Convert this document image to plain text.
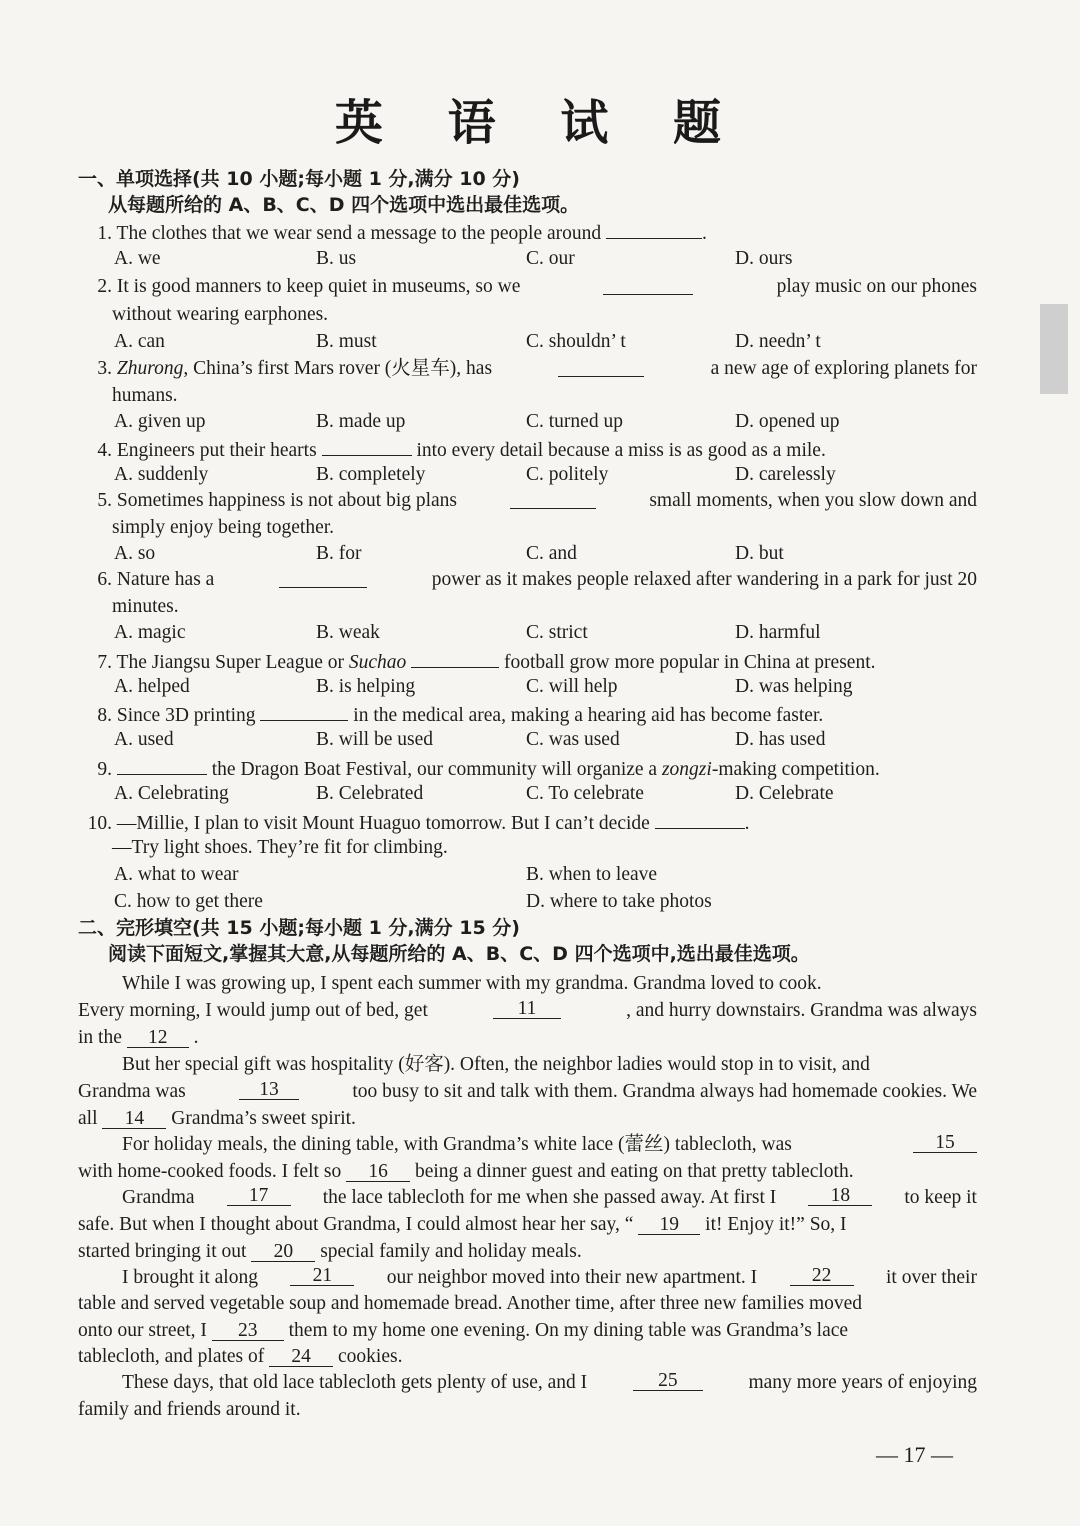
英 语 试 题
一、单项选择(共 10 小题;每小题 1 分,满分 10 分)
从每题所给的 A、B、C、D 四个选项中选出最佳选项。
1. The clothes that we wear send a message to the people around	.
A. we	B. us	C. our	D. ours
2. It is good manners to keep quiet in museums, so we	play music on our phones
without wearing earphones.
A. can	B. must	C. shouldn’ t	D. needn’ t
3. Zhurong, China’s first Mars rover (火星车), has	a new age of exploring planets for
humans.
A. given up	B. made up	C. turned up	D. opened up
4. Engineers put their hearts	into every detail because a miss is as good as a mile.
A. suddenly	B. completely	C. politely	D. carelessly
5. Sometimes happiness is not about big plans	small moments, when you slow down and
simply enjoy being together.
A. so	B. for	C. and	D. but
6. Nature has a	power as it makes people relaxed after wandering in a park for just 20
minutes.
A. magic	B. weak	C. strict	D. harmful
7. The Jiangsu Super League or Suchao	football grow more popular in China at present.
A. helped	B. is helping	C. will help	D. was helping
8. Since 3D printing	in the medical area, making a hearing aid has become faster.
A. used	B. will be used	C. was used	D. has used
9.	the Dragon Boat Festival, our community will organize a zongzi-making competition.
A. Celebrating	B. Celebrated	C. To celebrate	D. Celebrate
10. —Millie, I plan to visit Mount Huaguo tomorrow. But I can’t decide	.
—Try light shoes. They’re fit for climbing.
A. what to wear	B. when to leave
C. how to get there	D. where to take photos
二、完形填空(共 15 小题;每小题 1 分,满分 15 分)
阅读下面短文,掌握其大意,从每题所给的 A、B、C、D 四个选项中,选出最佳选项。
While I was growing up, I spent each summer with my grandma. Grandma loved to cook.
Every morning, I would jump out of bed, get	11	, and hurry downstairs. Grandma was always
in the 12 .
But her special gift was hospitality (好客). Often, the neighbor ladies would stop in to visit, and
Grandma was	13	too busy to sit and talk with them. Grandma always had homemade cookies. We
all 14 Grandma’s sweet spirit.
For holiday meals, the dining table, with Grandma’s white lace (蕾丝) tablecloth, was	15
with home-cooked foods. I felt so 16 being a dinner guest and eating on that pretty tablecloth.
Grandma	17	the lace tablecloth for me when she passed away. At first I	18	to keep it
safe. But when I thought about Grandma, I could almost hear her say, “ 19 it! Enjoy it!” So, I
started bringing it out 20 special family and holiday meals.
I brought it along	21	our neighbor moved into their new apartment. I	22	it over their
table and served vegetable soup and homemade bread. Another time, after three new families moved
onto our street, I 23 them to my home one evening. On my dining table was Grandma’s lace
tablecloth, and plates of 24 cookies.
These days, that old lace tablecloth gets plenty of use, and I	25	many more years of enjoying
family and friends around it.
— 17 —
